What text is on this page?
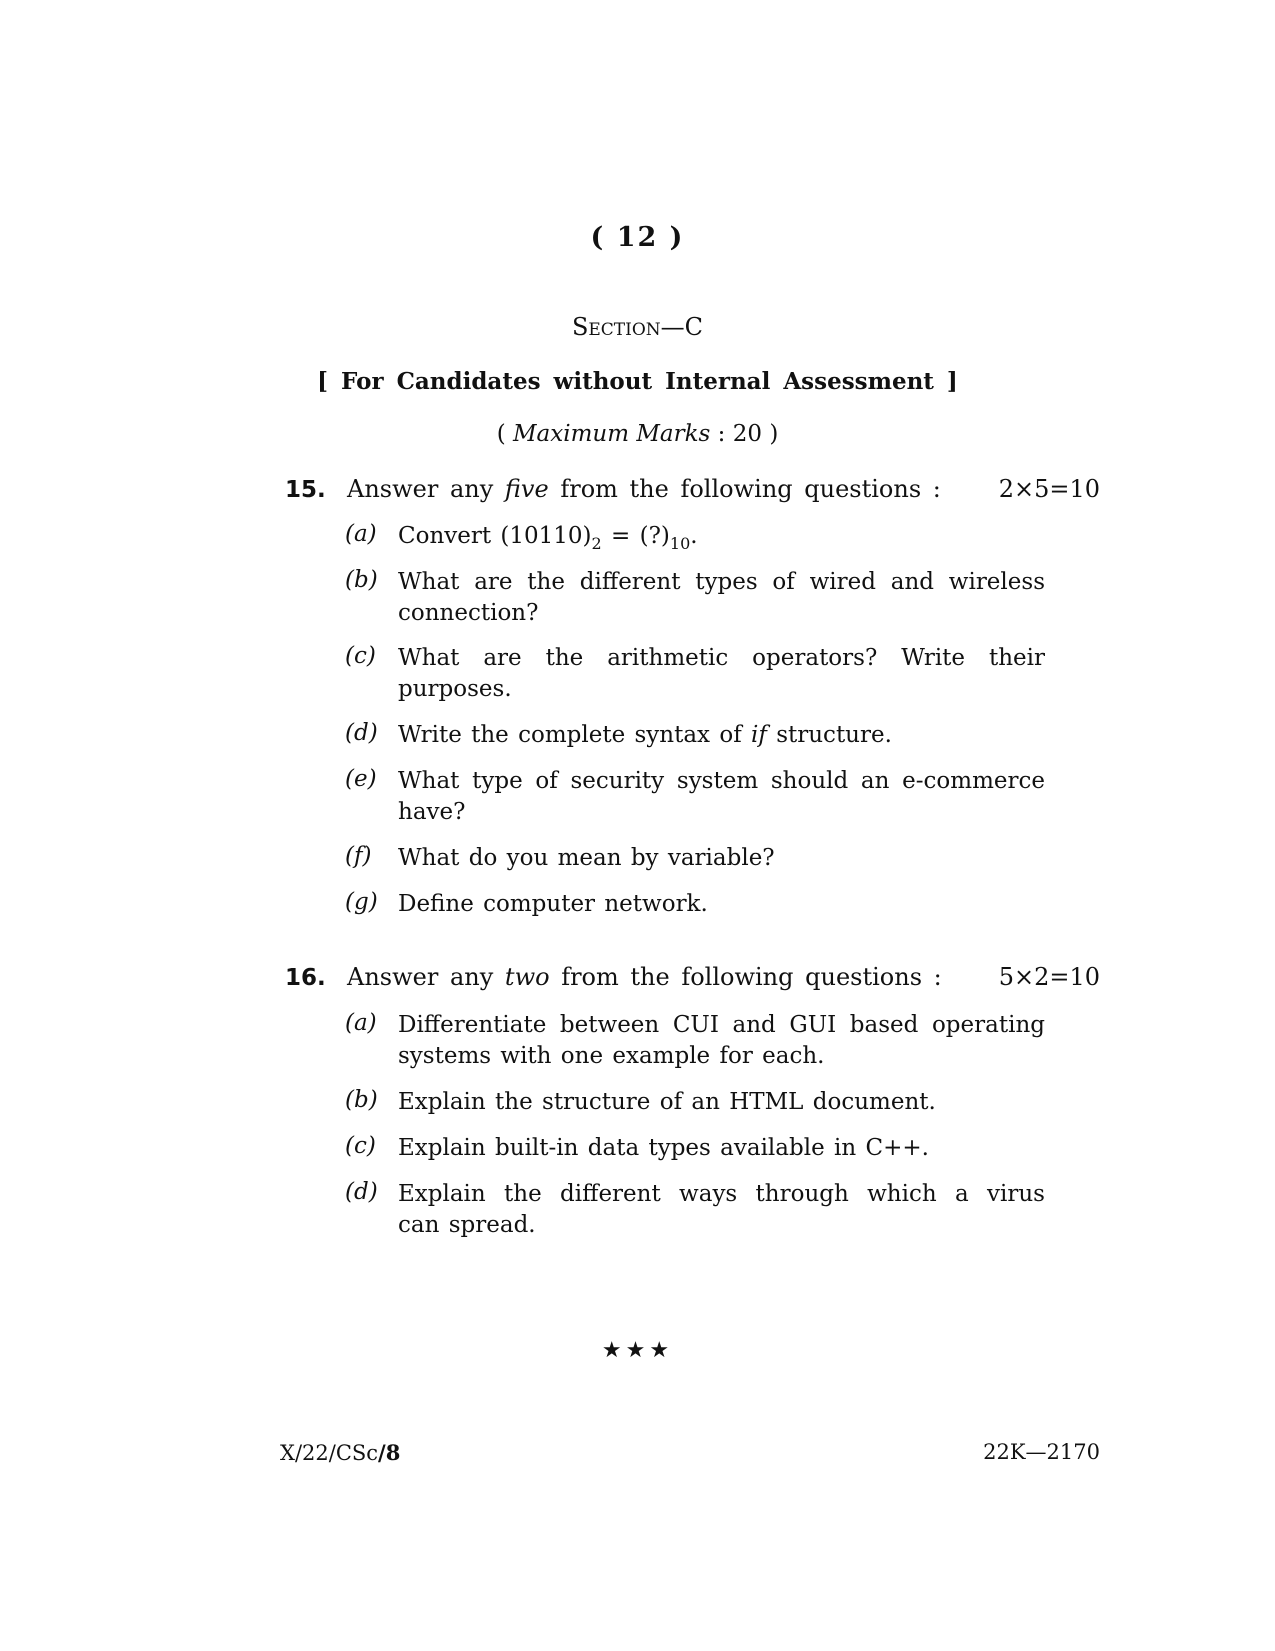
( 12 )
Section—C
[ For Candidates without Internal Assessment ]
( Maximum Marks : 20 )
15. Answer any five from the following questions : 2×5=10
(a) Convert $(10110)_2$ = $(?)_{10}$.
(b) What are the different types of wired and wireless
connection?
(c) What are the arithmetic operators? Write their
purposes.
(d) Write the complete syntax of if structure.
(e) What type of security system should an e-commerce
have?
(f) What do you mean by variable?
(g) Define computer network.
16. Answer any two from the following questions : 5×2=10
(a) Differentiate between CUI and GUI based operating
systems with one example for each.
(b) Explain the structure of an HTML document.
(c) Explain built-in data types available in C++.
(d) Explain the different ways through which a virus
can spread.
★★★
X/22/CSc/8	22K—2170
